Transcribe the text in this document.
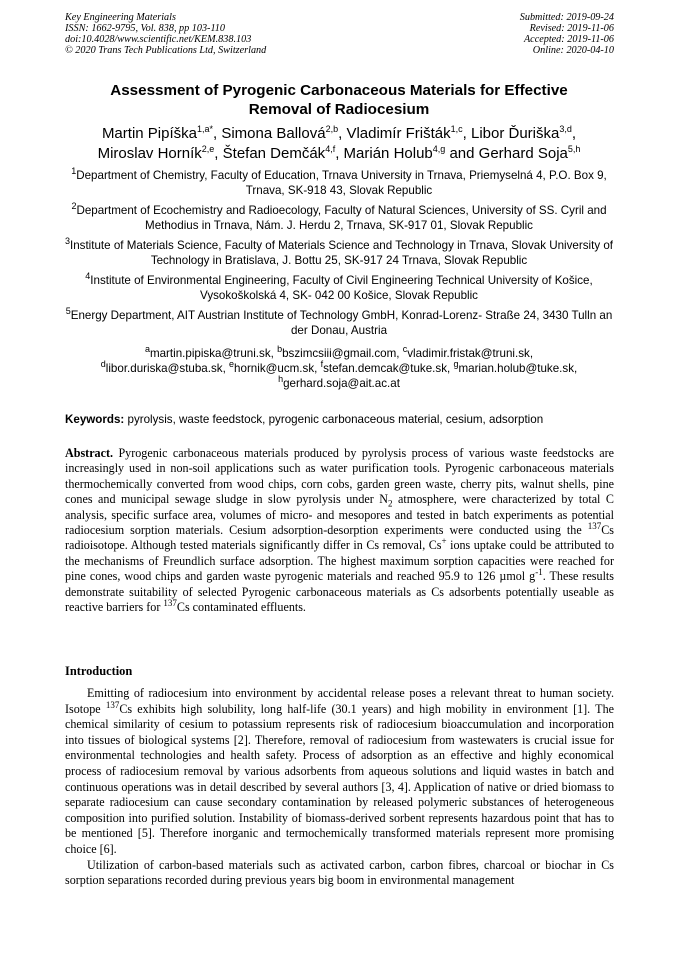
Key Engineering Materials
ISSN: 1662-9795, Vol. 838, pp 103-110
doi:10.4028/www.scientific.net/KEM.838.103
© 2020 Trans Tech Publications Ltd, Switzerland
Submitted: 2019-09-24
Revised: 2019-11-06
Accepted: 2019-11-06
Online: 2020-04-10
Assessment of Pyrogenic Carbonaceous Materials for Effective
Removal of Radiocesium
Martin Pipíška$^{1,a*}$, Simona Ballová$^{2,b}$, Vladimír Frišták$^{1,c}$, Libor Ďuriška$^{3,d}$,
Miroslav Horník$^{2,e}$, Štefan Demčák$^{4,f}$, Marián Holub$^{4,g}$ and Gerhard Soja$^{5,h}$
$^1$Department of Chemistry, Faculty of Education, Trnava University in Trnava, Priemyselná 4, P.O. Box 9, Trnava, SK-918 43, Slovak Republic
$^2$Department of Ecochemistry and Radioecology, Faculty of Natural Sciences, University of SS. Cyril and Methodius in Trnava, Nám. J. Herdu 2, Trnava, SK-917 01, Slovak Republic
$^3$Institute of Materials Science, Faculty of Materials Science and Technology in Trnava, Slovak University of Technology in Bratislava, J. Bottu 25, SK-917 24 Trnava, Slovak Republic
$^4$Institute of Environmental Engineering, Faculty of Civil Engineering Technical University of Košice, Vysokoškolská 4, SK- 042 00 Košice, Slovak Republic
$^5$Energy Department, AIT Austrian Institute of Technology GmbH, Konrad-Lorenz- Straße 24, 3430 Tulln an der Donau, Austria
$^a$martin.pipiska@truni.sk, $^b$bszimcsiii@gmail.com, $^c$vladimir.fristak@truni.sk,
$^d$libor.duriska@stuba.sk, $^e$hornik@ucm.sk, $^f$stefan.demcak@tuke.sk, $^g$marian.holub@tuke.sk,
$^h$gerhard.soja@ait.ac.at
Keywords: pyrolysis, waste feedstock, pyrogenic carbonaceous material, cesium, adsorption
Abstract. Pyrogenic carbonaceous materials produced by pyrolysis process of various waste feedstocks are increasingly used in non-soil applications such as water purification tools. Pyrogenic carbonaceous materials thermochemically converted from wood chips, corn cobs, garden green waste, cherry pits, walnut shells, pine cones and municipal sewage sludge in slow pyrolysis under $N_2$ atmosphere, were characterized by total C analysis, specific surface area, volumes of micro- and mesopores and tested in batch experiments as potential radiocesium sorption materials. Cesium adsorption-desorption experiments were conducted using the $^{137}$Cs radioisotope. Although tested materials significantly differ in Cs removal, Cs+ ions uptake could be attributed to the mechanisms of Freundlich surface adsorption. The highest maximum sorption capacities were reached for pine cones, wood chips and garden waste pyrogenic materials and reached 95.9 to 126 µmol $g^{-1}$. These results demonstrate suitability of selected Pyrogenic carbonaceous materials as Cs adsorbents potentially useable as reactive barriers for $^{137}$Cs contaminated effluents.
Introduction

Emitting of radiocesium into environment by accidental release poses a relevant threat to human society. Isotope $^{137}$Cs exhibits high solubility, long half-life (30.1 years) and high mobility in environment [1]. The chemical similarity of cesium to potassium represents risk of radiocesium bioaccumulation and incorporation into tissues of biological systems [2]. Therefore, removal of radiocesium from wastewaters is crucial issue for environmental technologies and health safety. Process of adsorption as an effective and highly economical process of radiocesium removal by various adsorbents from aqueous solutions and liquid wastes in batch and continuous operations was in detail described by several authors [3, 4]. Application of native or dried biomass to separate radiocesium can cause secondary contamination by released polymeric substances of heterogeneous composition into purified solution. Instability of biomass-derived sorbent represents hazardous point that has to be mentioned [5]. Therefore inorganic and termochemically transformed materials represent more promising choice [6].

Utilization of carbon-based materials such as activated carbon, carbon fibres, charcoal or biochar in Cs sorption separations recorded during previous years big boom in environmental management
